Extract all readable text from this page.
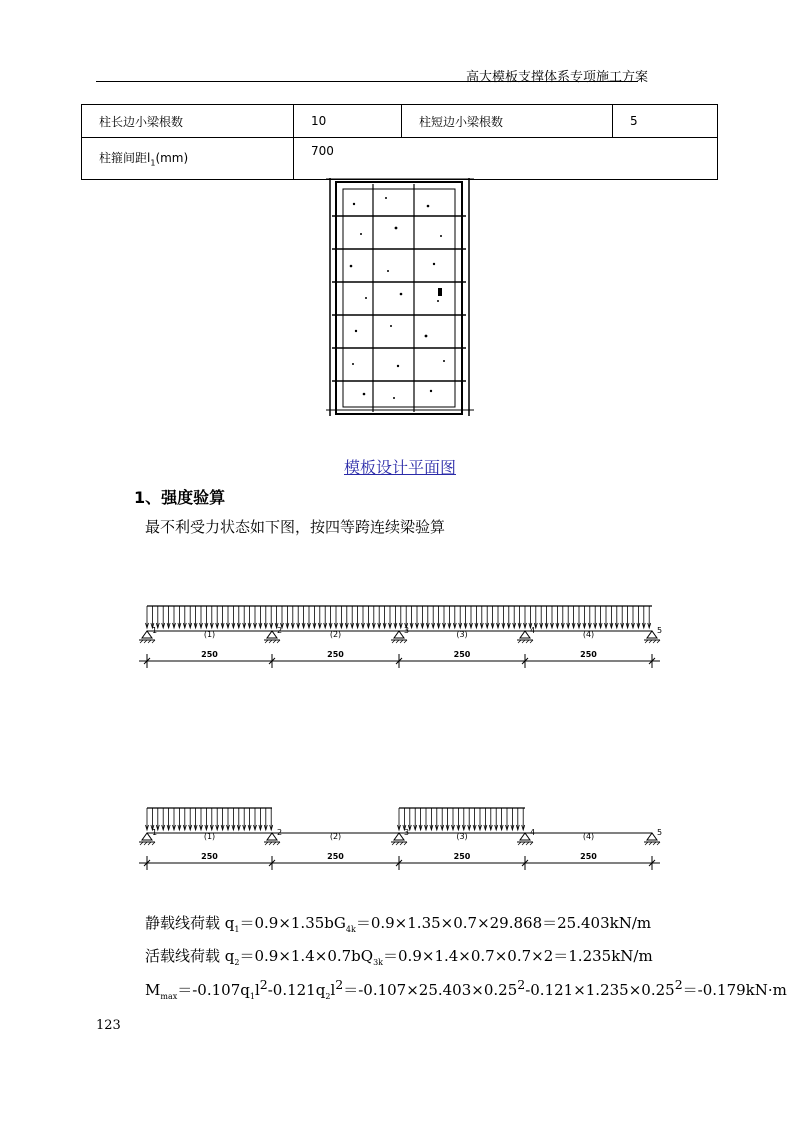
高大模板支撑体系专项施工方案
柱长边小梁根数	10	柱短边小梁根数	5
柱箍间距$l_1(mm)$	700		
模板设计平面图
1、强度验算
最不利受力状态如下图，按四等跨连续梁验算
1	2	3	4	5
(1)	(2)	(3)	(4)
250	250	250	250
1	2	3	4	5
(1)	(2)	(3)	(4)
250	250	250	250
静载线荷载 $q_1=0.9\times 1.35bG_{4k}=0.9\times 1.35\times 0.7\times 29.868=25.403kN/m$
活载线荷载 $q_2=0.9\times 1.4\times 0.7bQ_{3k}=0.9\times 1.4\times 0.7\times 0.7\times 2=1.235kN/m$
$M_{max}=-0.107q_1l^2-0.121q_2l^2=-0.107\times 25.403\times 0.25^2-0.121\times 1.235\times 0.25^2=-0.179kN\cdot m$
123
